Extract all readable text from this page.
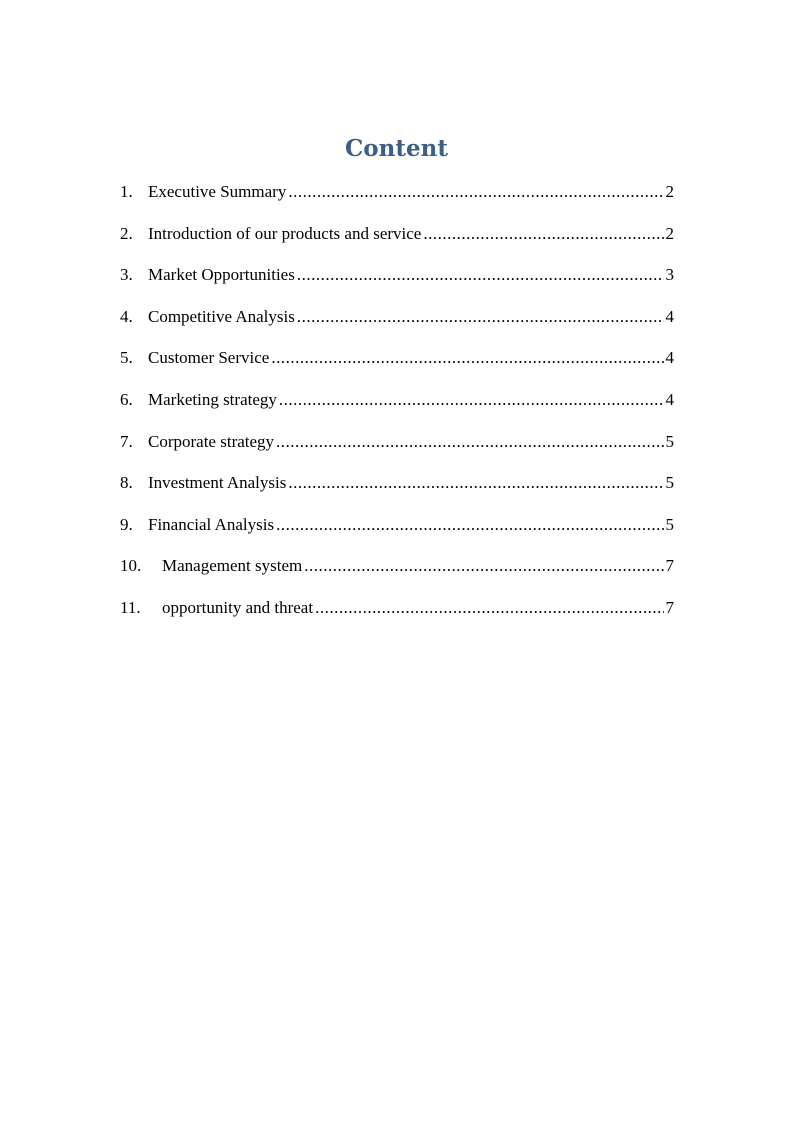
Content
1. Executive Summary .....	2
2. Introduction of our products and service .....	2
3. Market Opportunities .....	3
4. Competitive Analysis .....	4
5. Customer Service .....	4
6. Marketing strategy .....	4
7. Corporate strategy .....	5
8. Investment Analysis .....	5
9. Financial Analysis .....	5
10.	Management system .....	7
11.	opportunity and threat .....	7
